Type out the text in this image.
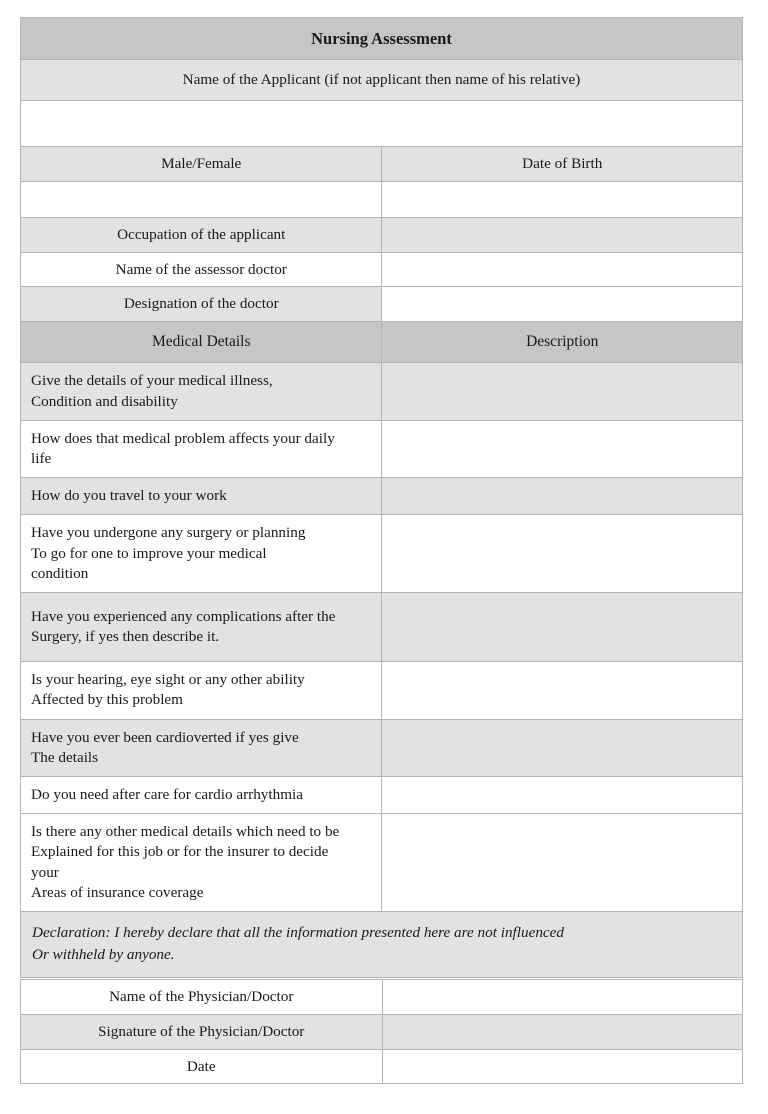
Nursing Assessment	

Name of the Applicant (if not applicant then name of his relative)	

Male/Female	Date of Birth

Occupation of the applicant	

Name of the assessor doctor	

Designation of the doctor	

Medical Details	Description

Give the details of your medical illness,
Condition and disability	

How does that medical problem affects your daily
life	

How do you travel to your work	

Have you undergone any surgery or planning
To go for one to improve your medical
condition	

Have you experienced any complications after the
Surgery, if yes then describe it.	

Is your hearing, eye sight or any other ability
Affected by this problem	

Have you ever been cardioverted if yes give
The details	

Do you need after care for cardio arrhythmia	

Is there any other medical details which need to be
Explained for this job or for the insurer to decide
your
Areas of insurance coverage	

Declaration: I hereby declare that all the information presented here are not influenced
Or withheld by anyone.	
Name of the Physician/Doctor	

Signature of the Physician/Doctor	

Date	
